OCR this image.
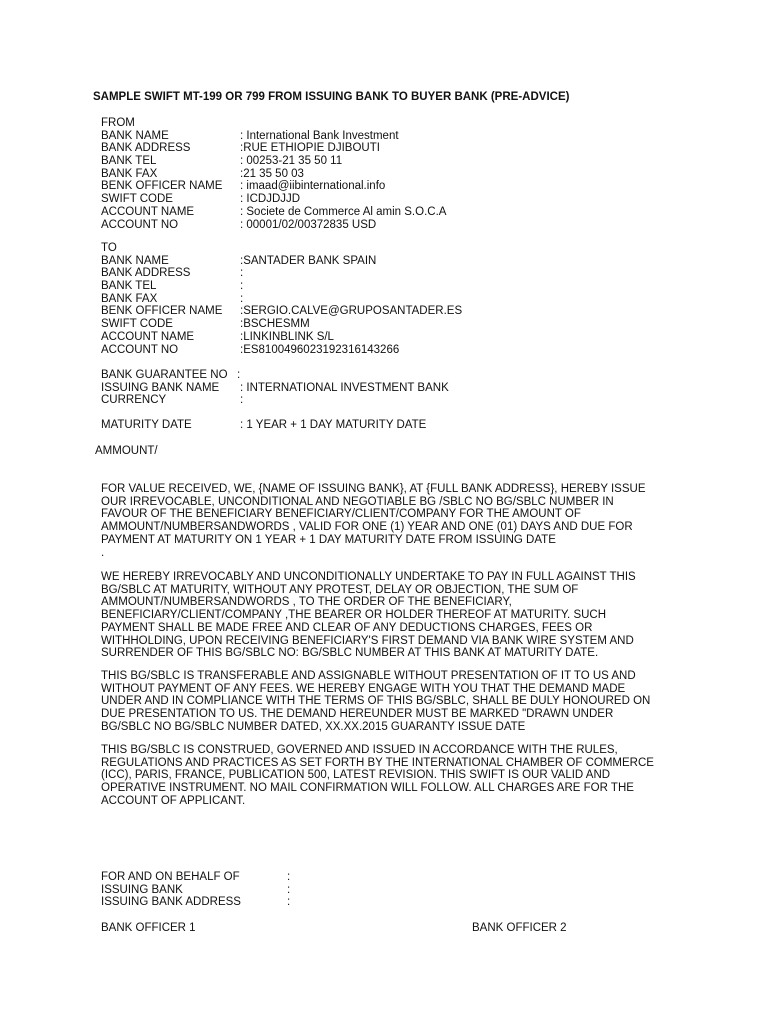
SAMPLE SWIFT MT-199 OR 799 FROM ISSUING BANK TO BUYER BANK (PRE-ADVICE)
FROM
BANK NAME	: International Bank Investment
BANK ADDRESS	:RUE ETHIOPIE DJIBOUTI
BANK TEL	: 00253-21 35 50 11
BANK FAX	:21 35 50 03
BENK OFFICER NAME	: imaad@iibinternational.info
SWIFT CODE	: ICDJDJJD
ACCOUNT NAME	: Societe de Commerce Al amin S.O.C.A
ACCOUNT NO	: 00001/02/00372835 USD
TO
BANK NAME	:SANTADER BANK SPAIN
BANK ADDRESS	:
BANK TEL	:
BANK FAX	:
BENK OFFICER NAME	:SERGIO.CALVE@GRUPOSANTADER.ES
SWIFT CODE	:BSCHESMM
ACCOUNT NAME	:LINKINBLINK S/L
ACCOUNT NO	:ES8100496023192316143266
BANK GUARANTEE NO :
ISSUING BANK NAME	: INTERNATIONAL INVESTMENT BANK
CURRENCY	:
MATURITY DATE	: 1 YEAR + 1 DAY MATURITY DATE
AMMOUNT/

FOR VALUE RECEIVED, WE, {NAME OF ISSUING BANK}, AT {FULL BANK ADDRESS}, HEREBY ISSUE
OUR IRREVOCABLE, UNCONDITIONAL AND NEGOTIABLE BG /SBLC NO BG/SBLC NUMBER IN
FAVOUR OF THE BENEFICIARY BENEFICIARY/CLIENT/COMPANY FOR THE AMOUNT OF
AMMOUNT/NUMBERSANDWORDS , VALID FOR ONE (1) YEAR AND ONE (01) DAYS AND DUE FOR
PAYMENT AT MATURITY ON 1 YEAR + 1 DAY MATURITY DATE FROM ISSUING DATE
.

WE HEREBY IRREVOCABLY AND UNCONDITIONALLY UNDERTAKE TO PAY IN FULL AGAINST THIS
BG/SBLC AT MATURITY, WITHOUT ANY PROTEST, DELAY OR OBJECTION, THE SUM OF
AMMOUNT/NUMBERSANDWORDS , TO THE ORDER OF THE BENEFICIARY,
BENEFICIARY/CLIENT/COMPANY ,THE BEARER OR HOLDER THEREOF AT MATURITY. SUCH
PAYMENT SHALL BE MADE FREE AND CLEAR OF ANY DEDUCTIONS CHARGES, FEES OR
WITHHOLDING, UPON RECEIVING BENEFICIARY'S FIRST DEMAND VIA BANK WIRE SYSTEM AND
SURRENDER OF THIS BG/SBLC NO: BG/SBLC NUMBER AT THIS BANK AT MATURITY DATE.

THIS BG/SBLC IS TRANSFERABLE AND ASSIGNABLE WITHOUT PRESENTATION OF IT TO US AND
WITHOUT PAYMENT OF ANY FEES. WE HEREBY ENGAGE WITH YOU THAT THE DEMAND MADE
UNDER AND IN COMPLIANCE WITH THE TERMS OF THIS BG/SBLC, SHALL BE DULY HONOURED ON
DUE PRESENTATION TO US. THE DEMAND HEREUNDER MUST BE MARKED "DRAWN UNDER
BG/SBLC NO BG/SBLC NUMBER DATED, XX.XX.2015 GUARANTY ISSUE DATE

THIS BG/SBLC IS CONSTRUED, GOVERNED AND ISSUED IN ACCORDANCE WITH THE RULES,
REGULATIONS AND PRACTICES AS SET FORTH BY THE INTERNATIONAL CHAMBER OF COMMERCE
(ICC), PARIS, FRANCE, PUBLICATION 500, LATEST REVISION. THIS SWIFT IS OUR VALID AND
OPERATIVE INSTRUMENT. NO MAIL CONFIRMATION WILL FOLLOW. ALL CHARGES ARE FOR THE
ACCOUNT OF APPLICANT.

FOR AND ON BEHALF OF	:
ISSUING BANK	:
ISSUING BANK ADDRESS	:
BANK OFFICER 1	BANK OFFICER 2
